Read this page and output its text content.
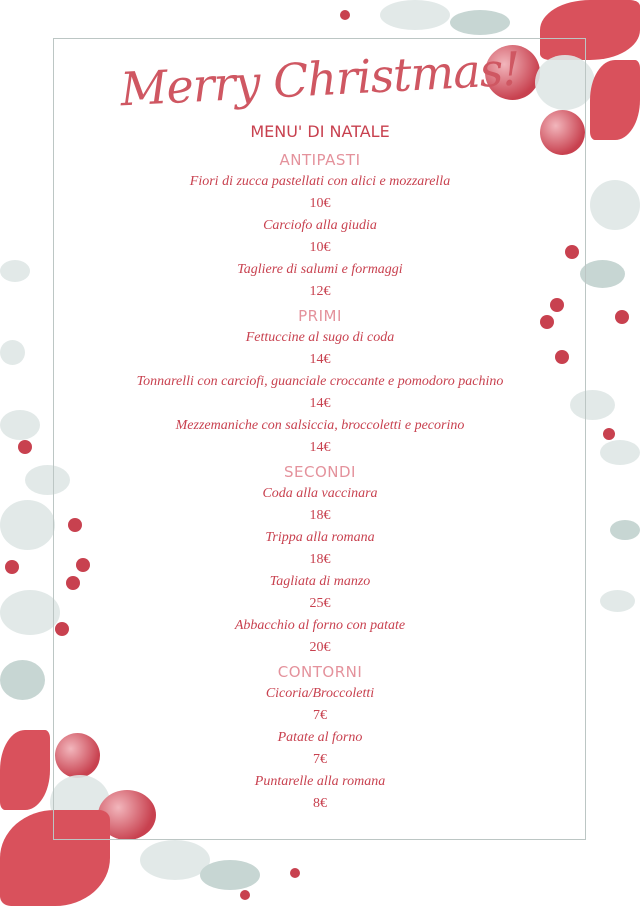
Merry Christmas!
MENU' DI NATALE
ANTIPASTI
Fiori di zucca pastellati con alici e mozzarella
10€
Carciofo alla giudia
10€
Tagliere di salumi e formaggi
12€
PRIMI
Fettuccine al sugo di coda
14€
Tonnarelli con carciofi, guanciale croccante e pomodoro pachino
14€
Mezzemaniche con salsiccia, broccoletti e pecorino
14€
SECONDI
Coda alla vaccinara
18€
Trippa alla romana
18€
Tagliata di manzo
25€
Abbacchio al forno con patate
20€
CONTORNI
Cicoria/Broccoletti
7€
Patate al forno
7€
Puntarelle alla romana
8€
